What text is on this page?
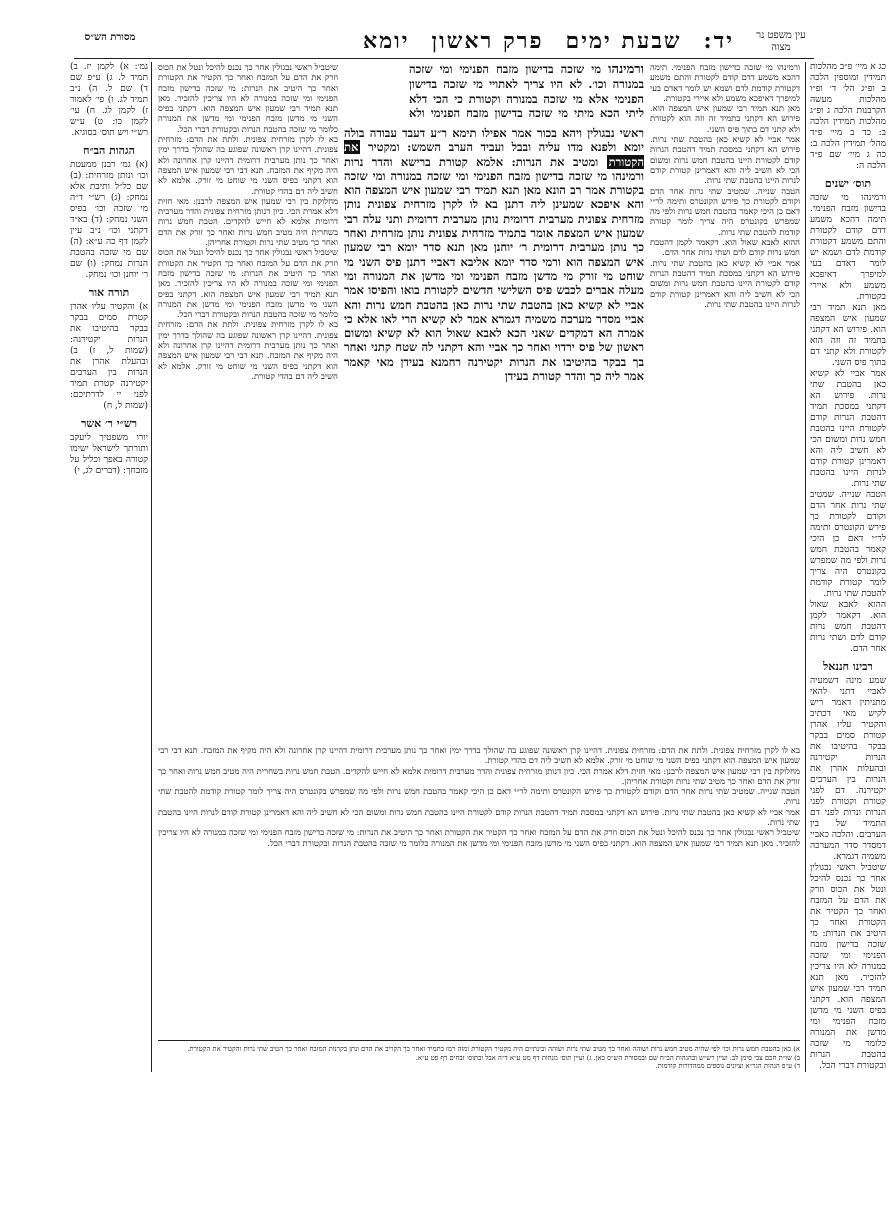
עין משפט נר מצוה
יד:שבעת ימיםפרק ראשוןיומא
מסורת הש״ס
כג א מיי׳ פ״ב מהלכות תמידין ומוספין הלכה ב ופ״ג הל׳ ד׳ ופ״ו מהלכות מעשה הקרבנות הלכה ג ופ״ג מהלכות תמידין הלכה ב: כד ב מיי׳ פ״ד מהל׳ תמידין הלכה ב: כה ג מיי׳ שם פ״ד הלכה ה:
תוס׳ ישנים
ורמינהו מי שזכה בדישון מזבח הפנימי. תימה דהכא משמע דדם קודם לקטורת והתם משמע דקטורת קודמת לדם ושמא יש לומר דאדם בעי למיפרך דאיפכא משמע ולא איירי בקטורת.
מאן תנא תמיד רבי שמעון איש המצפה הוא. פירוש הא דקתני בתמיד זה וזה הוא לקטורת ולא קתני דם בתוך פיס השני.
אמר אביי לא קשיא כאן בהטבת שתי נרות. פירוש הא דקתני במסכת תמיד דהטבת הנרות קודם לקטורת היינו בהטבת חמש נרות ומשום הכי לא חשיב ליה והא דאמרינן קטורת קודם לנרות היינו בהטבת שתי נרות.
הטבה שנייה. שמטיב שתי נרות אחר הדם וקודם לקטורת כך פירש הקונטרס ותימה לר״י דאם כן היכי קאמר בהטבת חמש נרות ולפי מה שמפרש בקונטרס היה צריך לומר קטורת קודמת להטבת שתי נרות.
ההוא לאבא שאול הוא. דקאמר לקמן דהטבת חמש נרות קודם לדם ושתי נרות אחר הדם.
רבינו חננאל
שמע מינה דשמעיה לאביי דתני להאי מתניתין דאמר ריש לקיש מאי דכתיב והקטיר עליו אהרן קטורת סמים בבקר בבקר בהיטיבו את הנרות יקטירנה ובהעלות אהרן את הנרות בין הערבים יקטירנה. דם לפני קטורת וקטורת לפני הנרות ונרות לפני דם התמיד של בין הערבים. והלכה כאביי דמסדר סדר המערכה משמיה דגמרא.
שיטביל ראשי נבגולין אחר כך נכנס להיכל ונטל את הכוס וזרק את הדם על המזבח ואחר כך הקטיר את הקטורת ואחר כך היטיב את הנרות: מי שזכה בדישון מזבח הפנימי ומי שזכה במנורה לא היו צריכין להזכיר. מאן תנא תמיד רבי שמעון איש המצפה הוא. דקתני בפיס השני מי מדשן מזבח הפנימי ומי מדשן את המנורה כלומר מי שזכה בהטבת הנרות ובקטורת דברי הכל.
ורמינהו מי שזכה בדישון מזבח הפנימי. תימה דהכא משמע דדם קודם לקטורת והתם משמע דקטורת קודמת לדם ושמא יש לומר דאדם בעי למיפרך דאיפכא משמע ולא איירי בקטורת.
מאן תנא תמיד רבי שמעון איש המצפה הוא. פירוש הא דקתני בתמיד זה וזה הוא לקטורת ולא קתני דם בתוך פיס השני.
אמר אביי לא קשיא כאן בהטבת שתי נרות. פירוש הא דקתני במסכת תמיד דהטבת הנרות קודם לקטורת היינו בהטבת חמש נרות ומשום הכי לא חשיב ליה והא דאמרינן קטורת קודם לנרות היינו בהטבת שתי נרות.
הטבה שנייה. שמטיב שתי נרות אחר הדם וקודם לקטורת כך פירש הקונטרס ותימה לר״י דאם כן היכי קאמר בהטבת חמש נרות ולפי מה שמפרש בקונטרס היה צריך לומר קטורת קודמת להטבת שתי נרות.
ההוא לאבא שאול הוא. דקאמר לקמן דהטבת חמש נרות קודם לדם ושתי נרות אחר הדם.
אמר אביי לא קשיא כאן בהטבת שתי נרות. פירוש הא דקתני במסכת תמיד דהטבת הנרות קודם לקטורת היינו בהטבת חמש נרות ומשום הכי לא חשיב ליה והא דאמרינן קטורת קודם לנרות היינו בהטבת שתי נרות.
ורמינהו מי שזכה בדישון מזבח הפנימי ומי שזכה במנורה וכו׳. לא היו צריך לאתויי מי שזכה בדישון הפנימי אלא מי שזכה במנורה וקטורת כי הכי דלא ליתי הכא מיתי מי שזכה בדישון מזבח הפנימי ולא
ראשי נבגולין ויהא בכור אמר אפילו תימא ר״ע דעבד עבודה בולה יומא ולפנא מדו עליה ובבל ועביד הערב השמש: ומקטיר את הקטורת ומטיב את הנרות: אלמא קטורת ברישא והדר נרות ורמינהו מי שזכה בדישון מזבח הפנימי ומי שזכה במנורה ומי שזכה בקטורת אמר רב הונא מאן תנא תמיד רבי שמעון איש המצפה הוא והא איפכא שמעינן ליה דתנן בא לו לקרן מזרחית צפונית נותן מזרחית צפונית מערבית דרומית נותן מערבית דרומית ותני עלה רבי שמעון איש המצפה אומר בתמיד מזרחית צפונית נותן מזרחית ואחר כך נותן מערבית דרומית ר׳ יוחנן מאן תנא סדר יומא רבי שמעון איש המצפה הוא ורמי סדר יומא אליבא דאביי דתנן פיס השני מי שוחט מי זורק מי מדשן מזבח הפנימי ומי מדשן את המנורה ומי מעלה אברים לכבש פיס השלישי חדשים לקטורת בואו והפיסו אמר אביי לא קשיא כאן בהטבת שתי נרות כאן בהטבת חמש נרות והא אביי מסדר מערכה משמיה דגמרא אמר לא קשיא הרי לאו אלא כי אמרה הא דמקדים שאני הכא לאבא שאול הוא לא קשיא ומשום ראשון של פיס ירדוי ואחר כך אביי והא דקתני לה שטח קתני ואחר בך בבקר בהיטיבו את הנרות יקטירנה רחמנא בעידן מאי קאמר אמר ליה כך והדר קטורת בעידן
שיטביל ראשי נבגולין אחר כך נכנס להיכל ונטל את הכוס וזרק את הדם על המזבח ואחר כך הקטיר את הקטורת ואחר כך היטיב את הנרות: מי שזכה בדישון מזבח הפנימי ומי שזכה במנורה לא היו צריכין להזכיר. מאן תנא תמיד רבי שמעון איש המצפה הוא. דקתני בפיס השני מי מדשן מזבח הפנימי ומי מדשן את המנורה כלומר מי שזכה בהטבת הנרות ובקטורת דברי הכל.
בא לו לקרן מזרחית צפונית. ולתת את הדם: מזרחית צפונית. דהיינו קרן ראשונה שפוגע בה שהולך בדרך ימין ואחר כך נותן מערבית דרומית דהיינו קרן אחרונה ולא היה מקיף את המזבח. תנא דבי רבי שמעון איש המצפה הוא דקתני בפיס השני מי שוחט מי זורק. אלמא לא חשיב ליה דם בהדי קטורת.
מחלוקת בין רבי שמעון איש המצפה לרבנן: מאי חזית דלא אמרת הכי. כיון דנותן מזרחית צפונית והדר מערבית דרומית אלמא לא חייש להקדים. הטבת חמש נרות בשחרית היה מטיב חמש נרות ואחר כך זורק את הדם ואחר כך מטיב שתי נרות וקטורת אחריהן.
שיטביל ראשי נבגולין אחר כך נכנס להיכל ונטל את הכוס וזרק את הדם על המזבח ואחר כך הקטיר את הקטורת ואחר כך היטיב את הנרות: מי שזכה בדישון מזבח הפנימי ומי שזכה במנורה לא היו צריכין להזכיר. מאן תנא תמיד רבי שמעון איש המצפה הוא. דקתני בפיס השני מי מדשן מזבח הפנימי ומי מדשן את המנורה כלומר מי שזכה בהטבת הנרות ובקטורת דברי הכל.
בא לו לקרן מזרחית צפונית. ולתת את הדם: מזרחית צפונית. דהיינו קרן ראשונה שפוגע בה שהולך בדרך ימין ואחר כך נותן מערבית דרומית דהיינו קרן אחרונה ולא היה מקיף את המזבח. תנא דבי רבי שמעון איש המצפה הוא דקתני בפיס השני מי שוחט מי זורק. אלמא לא חשיב ליה דם בהדי קטורת.
גמ׳: א) לקמן יז. ב) תמיד ל. ג) ע״פ שם ד) שם ל. ה) נ״ב תמיד לג. ו) פי׳ לאמור ז) לקמן לג. ח) עי׳ לקמן כו: ט) ע״ש רש״י ויש תוס׳ בסוגיא.
הגהות הב״ח
(א) גמ׳ רבנן ממעטת וכו׳ ונותן מזרחית: (ב) שם כל״ל ותיבת אלא נמחק: (ג) רש״י ד״ה מי שזכה וכו׳ בפיס השני נמחק: (ד) בא״ד דקתני וכו׳ נ״ב עיין לקמן דף כה ע״א: (ה) שם מי שזכה בהטבת הנרות נמחק: (ו) שם ר׳ יוחנן וכו׳ נמחק.
תורה אור
א) והקטיר עליו אהרן קטרת סמים בבקר בבקר בהיטיבו את הנרות יקטירנה: (שמות ל, ז) ב) ובהעלת אהרן את הנרות בין הערבים יקטירנה קטרת תמיד לפני יי לדרתיכם: (שמות ל, ח)
רש״י ר׳ אשר
יורו משפטיך ליעקב ותורתך לישראל ישימו קטורה באפך וכליל על מזבחך: (דברים לג, י)
בא לו לקרן מזרחית צפונית. ולתת את הדם: מזרחית צפונית. דהיינו קרן ראשונה שפוגע בה שהולך בדרך ימין ואחר כך נותן מערבית דרומית דהיינו קרן אחרונה ולא היה מקיף את המזבח. תנא דבי רבי שמעון איש המצפה הוא דקתני בפיס השני מי שוחט מי זורק. אלמא לא חשיב ליה דם בהדי קטורת.
מחלוקת בין רבי שמעון איש המצפה לרבנן: מאי חזית דלא אמרת הכי. כיון דנותן מזרחית צפונית והדר מערבית דרומית אלמא לא חייש להקדים. הטבת חמש נרות בשחרית היה מטיב חמש נרות ואחר כך זורק את הדם ואחר כך מטיב שתי נרות וקטורת אחריהן.
הטבה שנייה. שמטיב שתי נרות אחר הדם וקודם לקטורת כך פירש הקונטרס ותימה לר״י דאם כן היכי קאמר בהטבת חמש נרות ולפי מה שמפרש בקונטרס היה צריך לומר קטורת קודמת להטבת שתי נרות.
אמר אביי לא קשיא כאן בהטבת שתי נרות. פירוש הא דקתני במסכת תמיד דהטבת הנרות קודם לקטורת היינו בהטבת חמש נרות ומשום הכי לא חשיב ליה והא דאמרינן קטורת קודם לנרות היינו בהטבת שתי נרות.
שיטביל ראשי נבגולין אחר כך נכנס להיכל ונטל את הכוס וזרק את הדם על המזבח ואחר כך הקטיר את הקטורת ואחר כך היטיב את הנרות: מי שזכה בדישון מזבח הפנימי ומי שזכה במנורה לא היו צריכין להזכיר. מאן תנא תמיד רבי שמעון איש המצפה הוא. דקתני בפיס השני מי מדשן מזבח הפנימי ומי מדשן את המנורה כלומר מי שזכה בהטבת הנרות ובקטורת דברי הכל.
א) כאן בהטבת חמש נרות וכו׳ לפי שהיה מטיב חמש נרות ושוהה ואחר כך מטיב שתי נרות ושוהה ובינתיים היה מקטיר הקטורת ומזה רמז בתמיד ואחר כך הקריב את הדם ונתן בקרנות המזבח ואחר כך הטיב שתי נרות והקטיר את הקטורת.
ב) שו״ת חכם צבי סימן לב. ועיין רש״ש ובהגהות הב״ח שם ובמסורת הש״ס כאן. ג) ועיין תוס׳ מנחות דף מט ע״א ד״ה אבל ובתוס׳ זבחים דף פט ע״א.
ד) ע״פ הגהות הגר״א וציונים נוספים ממהדורות קודמות.
